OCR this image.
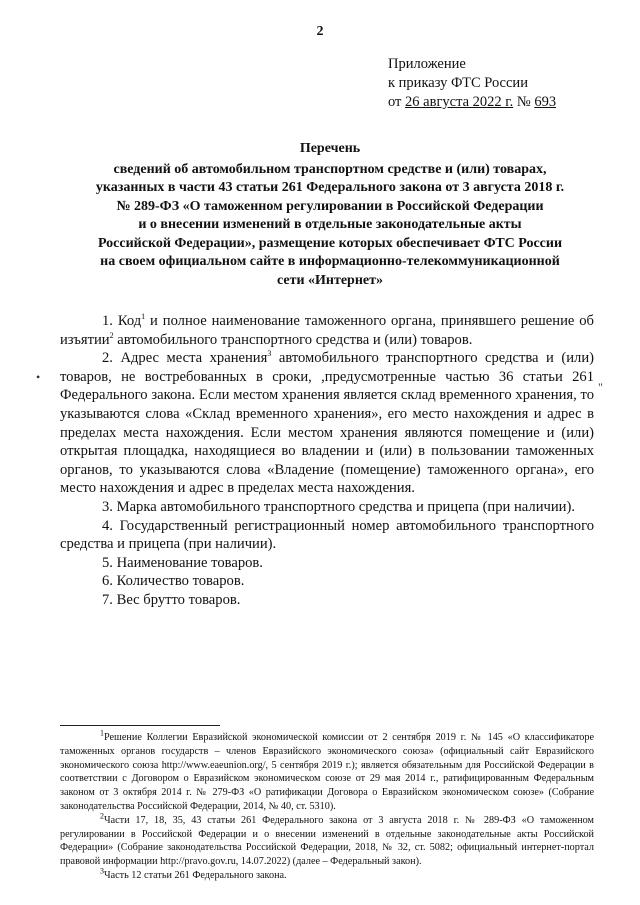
2
Приложение
к приказу ФТС России
от 26 августа 2022 г. № 693
Перечень
сведений об автомобильном транспортном средстве и (или) товарах,
указанных в части 43 статьи 261 Федерального закона от 3 августа 2018 г.
№ 289-ФЗ «О таможенном регулировании в Российской Федерации
и о внесении изменений в отдельные законодательные акты
Российской Федерации», размещение которых обеспечивает ФТС России
на своем официальном сайте в информационно-телекоммуникационной
сети «Интернет»

1. Код$^1$ и полное наименование таможенного органа, принявшего решение об изъятии$^2$ автомобильного транспортного средства и (или) товаров.

2. Адрес места хранения$^3$ автомобильного транспортного средства и (или) товаров, не востребованных в сроки, ,предусмотренные частью 36 статьи 261 Федерального закона. Если местом хранения является склад временного хранения, то указываются слова «Склад временного хранения», его место нахождения и адрес в пределах места нахождения. Если местом хранения являются помещение и (или) открытая площадка, находящиеся во владении и (или) в пользовании таможенных органов, то указываются слова «Владение (помещение) таможенного органа», его место нахождения и адрес в пределах места нахождения.

3. Марка автомобильного транспортного средства и прицепа (при наличии).

4. Государственный регистрационный номер автомобильного транспортного средства и прицепа (при наличии).

5. Наименование товаров.

6. Количество товаров.

7. Вес брутто товаров.

•
"

$^1$Решение Коллегии Евразийской экономической комиссии от 2 сентября 2019 г. № 145 «О классификаторе таможенных органов государств – членов Евразийского экономического союза» (официальный сайт Евразийского экономического союза http://www.eaeunion.org/, 5 сентября 2019 г.); является обязательным для Российской Федерации в соответствии с Договором о Евразийском экономическом союзе от 29 мая 2014 г., ратифицированным Федеральным законом от 3 октября 2014 г. № 279-ФЗ «О ратификации Договора о Евразийском экономическом союзе» (Собрание законодательства Российской Федерации, 2014, № 40, ст. 5310).

$^2$Части 17, 18, 35, 43 статьи 261 Федерального закона от 3 августа 2018 г. № 289-ФЗ «О таможенном регулировании в Российской Федерации и о внесении изменений в отдельные законодательные акты Российской Федерации» (Собрание законодательства Российской Федерации, 2018, № 32, ст. 5082; официальный интернет-портал правовой информации http://pravo.gov.ru, 14.07.2022) (далее – Федеральный закон).

$^3$Часть 12 статьи 261 Федерального закона.
